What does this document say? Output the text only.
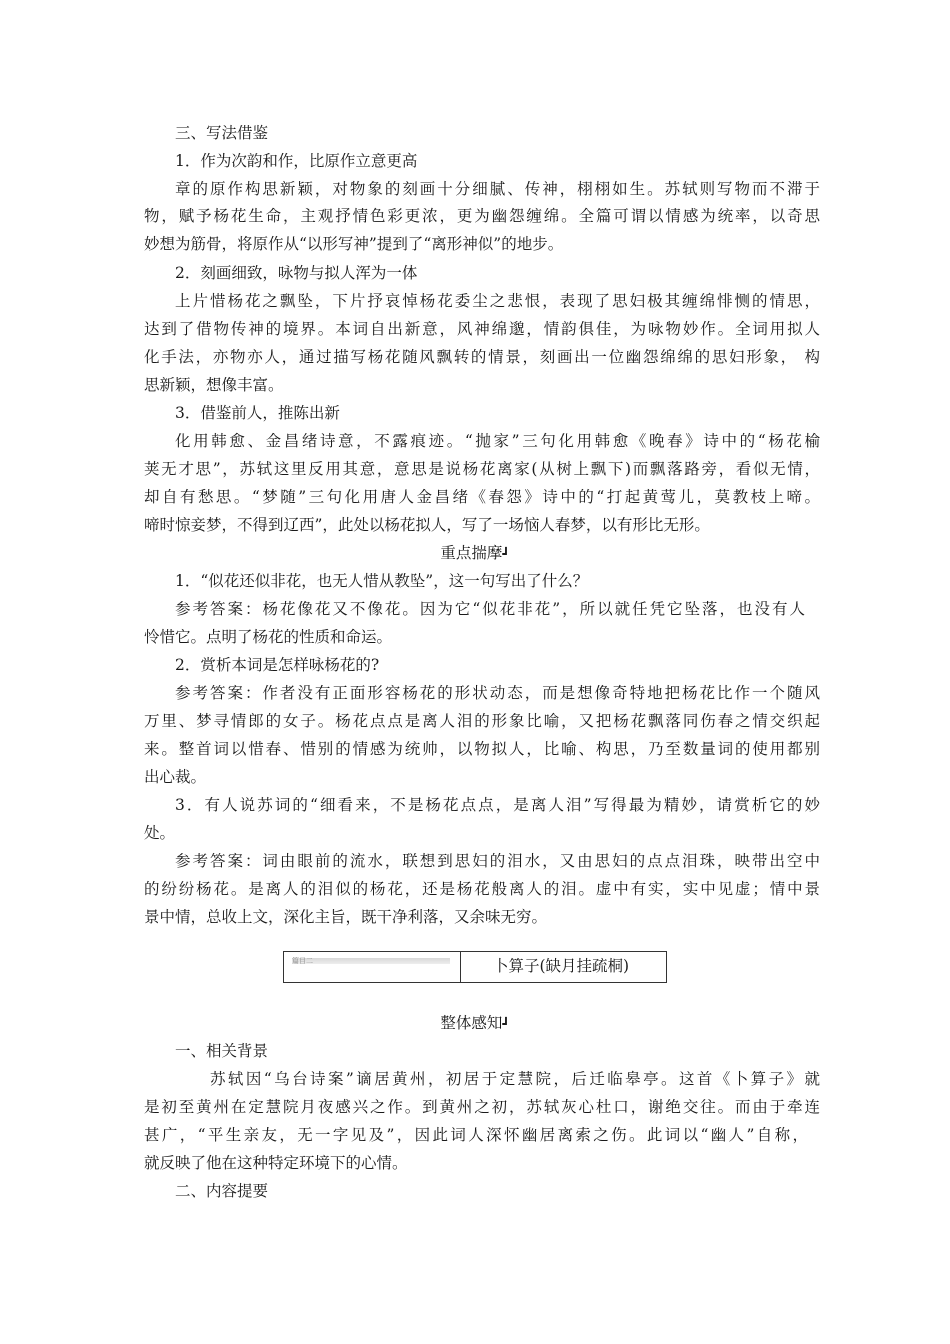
三、写法借鉴
1．作为次韵和作，比原作立意更高
章的原作构思新颖，对物象的刻画十分细腻、传神，栩栩如生。苏轼则写物而不滞于
物，赋予杨花生命，主观抒情色彩更浓，更为幽怨缠绵。全篇可谓以情感为统率，以奇思
妙想为筋骨，将原作从“以形写神”提到了“离形神似”的地步。
2．刻画细致，咏物与拟人浑为一体
上片惜杨花之飘坠，下片抒哀悼杨花委尘之悲恨，表现了思妇极其缠绵悱恻的情思，
达到了借物传神的境界。本词自出新意，风神绵邈，情韵俱佳，为咏物妙作。全词用拟人
化手法，亦物亦人，通过描写杨花随风飘转的情景，刻画出一位幽怨绵绵的思妇形象， 构
思新颖，想像丰富。
3．借鉴前人，推陈出新
化用韩愈、金昌绪诗意，不露痕迹。“抛家”三句化用韩愈《晚春》诗中的“杨花榆
荚无才思”，苏轼这里反用其意，意思是说杨花离家(从树上飘下)而飘落路旁，看似无情，
却自有愁思。“梦随”三句化用唐人金昌绪《春怨》诗中的“打起黄莺儿，莫教枝上啼。
啼时惊妾梦，不得到辽西”，此处以杨花拟人，写了一场恼人春梦，以有形比无形。
重点揣摩┛
1．“似花还似非花，也无人惜从教坠”，这一句写出了什么？
参考答案：杨花像花又不像花。因为它“似花非花”，所以就任凭它坠落，也没有人
怜惜它。点明了杨花的性质和命运。
2．赏析本词是怎样咏杨花的?
参考答案：作者没有正面形容杨花的形状动态，而是想像奇特地把杨花比作一个随风
万里、梦寻情郎的女子。杨花点点是离人泪的形象比喻，又把杨花飘落同伤春之情交织起
来。整首词以惜春、惜别的情感为统帅，以物拟人，比喻、构思，乃至数量词的使用都别
出心裁。
3．有人说苏词的“细看来，不是杨花点点，是离人泪”写得最为精妙，请赏析它的妙
处。
参考答案：词由眼前的流水，联想到思妇的泪水，又由思妇的点点泪珠，映带出空中
的纷纷杨花。是离人的泪似的杨花，还是杨花般离人的泪。虚中有实，实中见虚；情中景
景中情，总收上文，深化主旨，既干净利落，又余味无穷。
篇目二	卜算子(缺月挂疏桐)
整体感知┛
一、相关背景
苏轼因“乌台诗案”谪居黄州，初居于定慧院，后迁临皋亭。这首《卜算子》就
是初至黄州在定慧院月夜感兴之作。到黄州之初，苏轼灰心杜口，谢绝交往。而由于牵连
甚广，“平生亲友，无一字见及”，因此词人深怀幽居离索之伤。此词以“幽人”自称，
就反映了他在这种特定环境下的心情。
二、内容提要
